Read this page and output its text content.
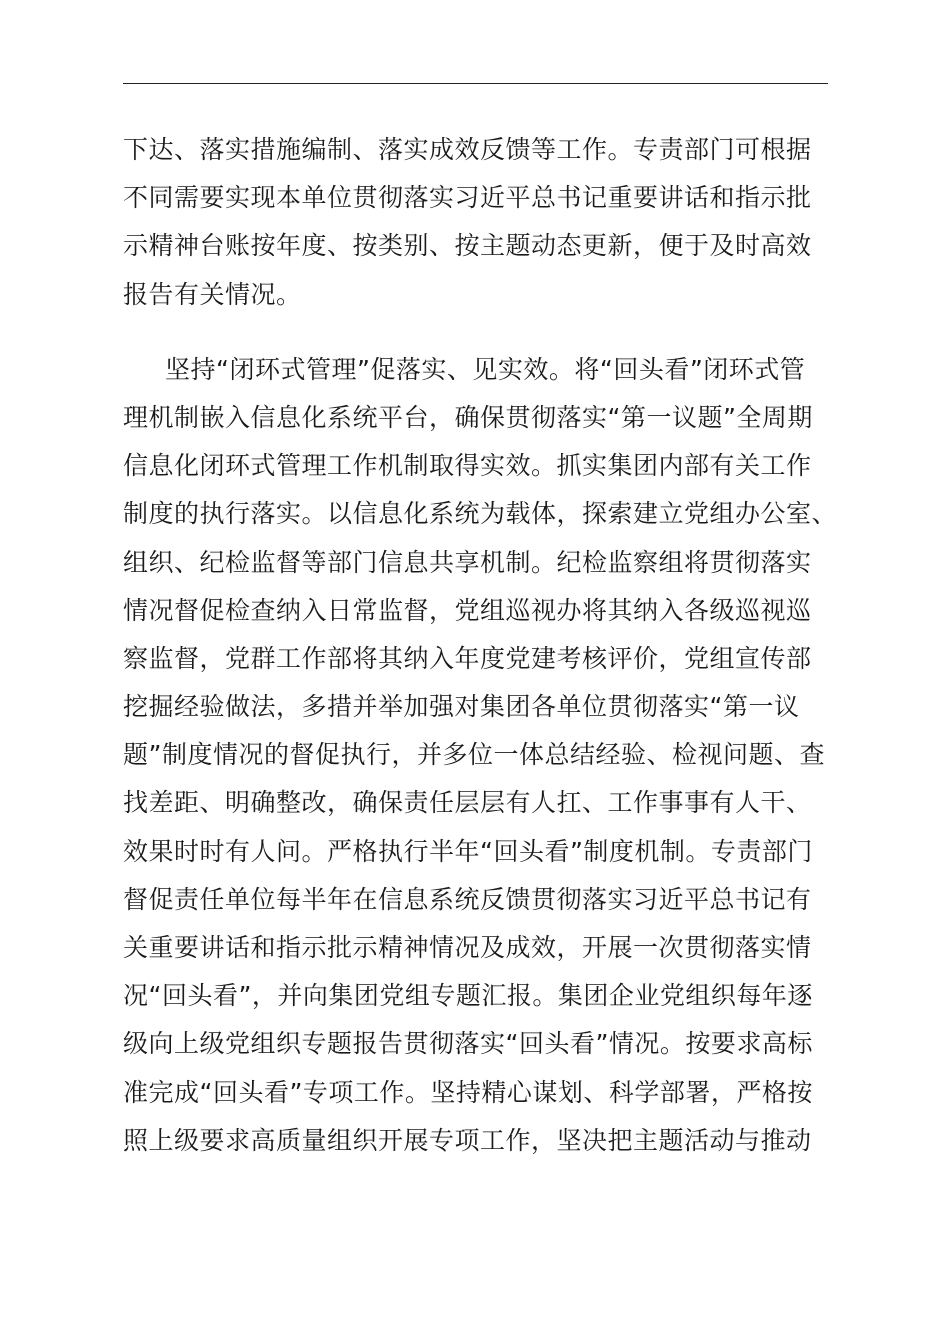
下达、落实措施编制、落实成效反馈等工作。专责部门可根据
不同需要实现本单位贯彻落实习近平总书记重要讲话和指示批
示精神台账按年度、按类别、按主题动态更新，便于及时高效
报告有关情况。
坚持“闭环式管理”促落实、见实效。将“回头看”闭环式管
理机制嵌入信息化系统平台，确保贯彻落实“第一议题”全周期
信息化闭环式管理工作机制取得实效。抓实集团内部有关工作
制度的执行落实。以信息化系统为载体，探索建立党组办公室、
组织、纪检监督等部门信息共享机制。纪检监察组将贯彻落实
情况督促检查纳入日常监督，党组巡视办将其纳入各级巡视巡
察监督，党群工作部将其纳入年度党建考核评价，党组宣传部
挖掘经验做法，多措并举加强对集团各单位贯彻落实“第一议
题”制度情况的督促执行，并多位一体总结经验、检视问题、查
找差距、明确整改，确保责任层层有人扛、工作事事有人干、
效果时时有人问。严格执行半年“回头看”制度机制。专责部门
督促责任单位每半年在信息系统反馈贯彻落实习近平总书记有
关重要讲话和指示批示精神情况及成效，开展一次贯彻落实情
况“回头看”，并向集团党组专题汇报。集团企业党组织每年逐
级向上级党组织专题报告贯彻落实“回头看”情况。按要求高标
准完成“回头看”专项工作。坚持精心谋划、科学部署，严格按
照上级要求高质量组织开展专项工作，坚决把主题活动与推动
